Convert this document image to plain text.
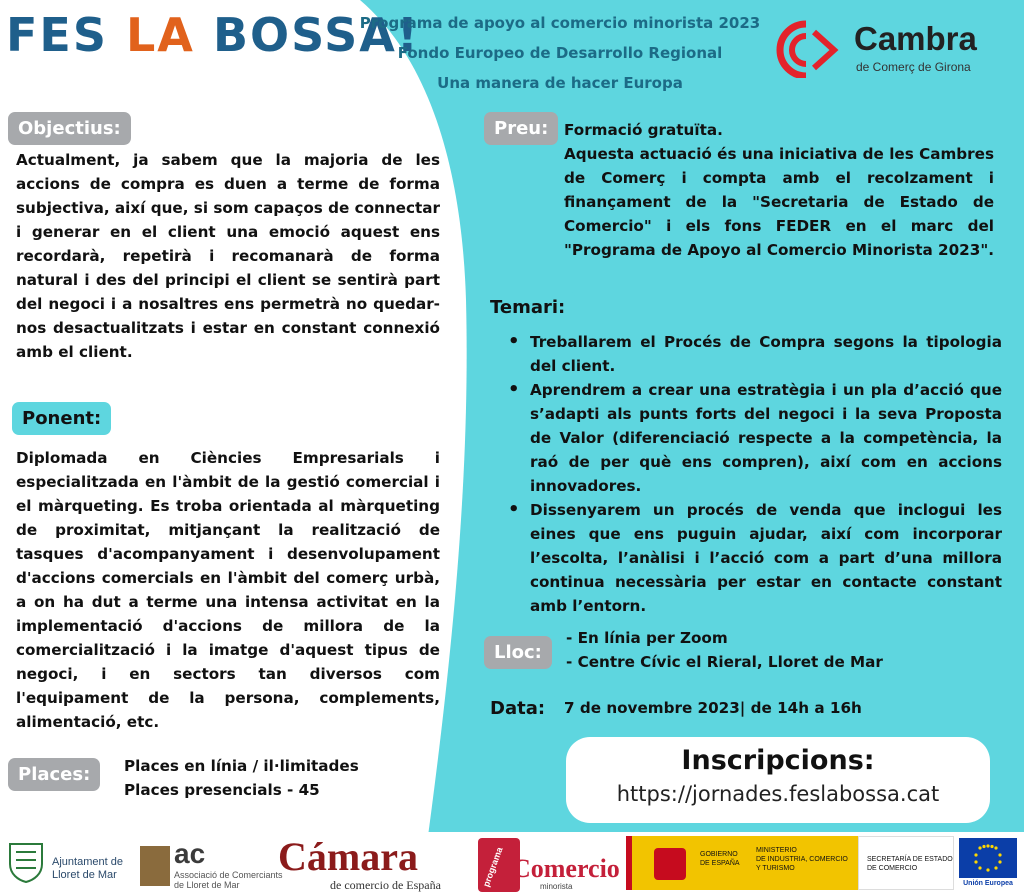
FES LA BOSSA!
Programa de apoyo al comercio minorista 2023
Fondo Europeo de Desarrollo Regional
Una manera de hacer Europa
Cambra
de Comerç de Girona
Objectius:
Actualment, ja sabem que la majoria de les accions de compra es duen a terme de forma subjectiva, així que, si som capaços de connectar i generar en el client una emoció aquest ens recordarà, repetirà i recomanarà de forma natural i des del principi el client se sentirà part del negoci i a nosaltres ens permetrà no quedar-nos desactualitzats i estar en constant connexió amb el client.
Ponent:
Diplomada en Ciències Empresarials i especialitzada en l'àmbit de la gestió comercial i el màrqueting. Es troba orientada al màrqueting de proximitat, mitjançant la realització de tasques d'acompanyament i desenvolupament d'accions comercials en l'àmbit del comerç urbà, a on ha dut a terme una intensa activitat en la implementació d'accions de millora de la comercialització i la imatge d'aquest tipus de negoci, i en sectors tan diversos com l'equipament de la persona, complements, alimentació, etc.
Places:	Places en línia / il·limitades
Places presencials - 45
Preu:	Formació gratuïta.
Aquesta actuació és una iniciativa de les Cambres de Comerç i compta amb el recolzament i finançament de la "Secretaria de Estado de Comercio" i els fons FEDER en el marc del "Programa de Apoyo al Comercio Minorista 2023".
Temari:
• Treballarem el Procés de Compra segons la tipologia del client.
• Aprendrem a crear una estratègia i un pla d’acció que s’adapti als punts forts del negoci i la seva Proposta de Valor (diferenciació respecte a la competència, la raó de per què ens compren), així com en accions innovadores.
• Dissenyarem un procés de venda que inclogui les eines que ens puguin ajudar, així com incorporar l’escolta, l’anàlisi i l’acció com a part d’una millora continua necessària per estar en contacte constant amb l’entorn.
Lloc:
- En línia per Zoom
- Centre Cívic el Rieral, Lloret de Mar
Data:	7 de novembre 2023| de 14h a 16h
Inscripcions:
https://jornades.feslabossa.cat
Ajuntament de
Lloret de Mar
ac
Associació de Comerciants
de Lloret de Mar
Cámara
de comercio de España	programa Comercio
minorista
GOBIERNO
DE ESPAÑA
MINISTERIO
DE INDUSTRIA, COMERCIO
Y TURISMO
SECRETARÍA DE ESTADO
DE COMERCIO
Unión Europea
